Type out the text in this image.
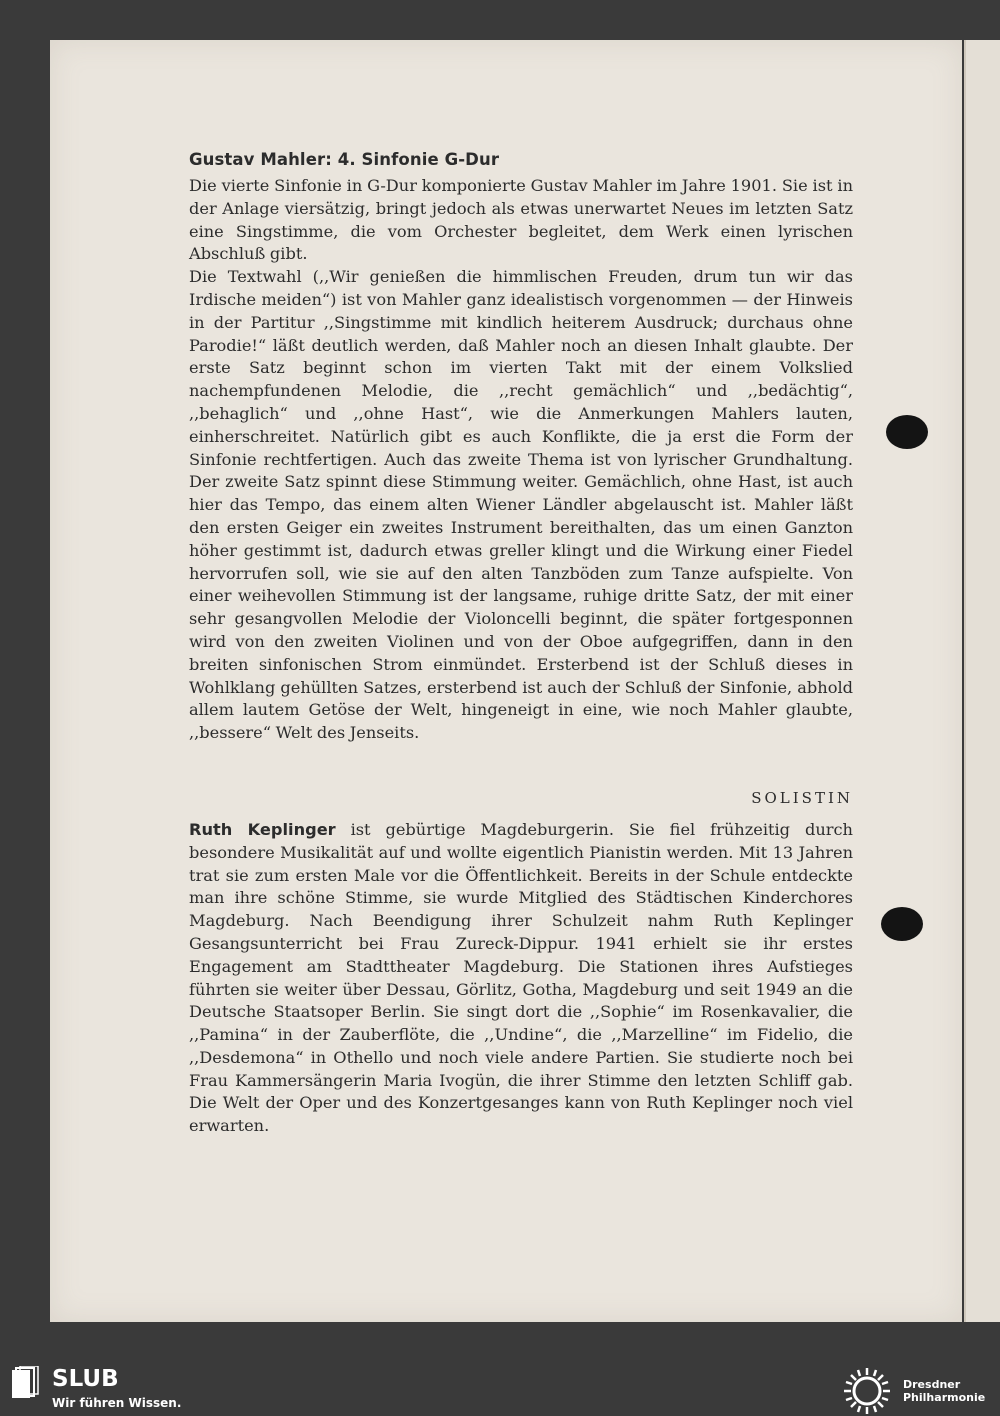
Gustav Mahler: 4. Sinfonie G-Dur

Die vierte Sinfonie in G-Dur komponierte Gustav Mahler im Jahre 1901. Sie ist in der Anlage viersätzig, bringt jedoch als etwas unerwartet Neues im letzten Satz eine Singstimme, die vom Orchester begleitet, dem Werk einen lyrischen Abschluß gibt.

Die Textwahl (,,Wir genießen die himmlischen Freuden, drum tun wir das Irdische meiden“) ist von Mahler ganz idealistisch vorgenommen — der Hinweis in der Partitur ,,Singstimme mit kindlich heiterem Ausdruck; durchaus ohne Parodie!“ läßt deutlich werden, daß Mahler noch an diesen Inhalt glaubte. Der erste Satz beginnt schon im vierten Takt mit der einem Volkslied nachempfundenen Melodie, die ,,recht gemächlich“ und ,,bedächtig“, ,,behaglich“ und ,,ohne Hast“, wie die Anmerkungen Mahlers lauten, einherschreitet. Natürlich gibt es auch Konflikte, die ja erst die Form der Sinfonie rechtfertigen. Auch das zweite Thema ist von lyrischer Grundhaltung. Der zweite Satz spinnt diese Stimmung weiter. Gemächlich, ohne Hast, ist auch hier das Tempo, das einem alten Wiener Ländler abgelauscht ist. Mahler läßt den ersten Geiger ein zweites Instrument bereithalten, das um einen Ganzton höher gestimmt ist, dadurch etwas greller klingt und die Wirkung einer Fiedel hervorrufen soll, wie sie auf den alten Tanzböden zum Tanze aufspielte. Von einer weihevollen Stimmung ist der langsame, ruhige dritte Satz, der mit einer sehr gesangvollen Melodie der Violoncelli beginnt, die später fortgesponnen wird von den zweiten Violinen und von der Oboe aufgegriffen, dann in den breiten sinfonischen Strom einmündet. Ersterbend ist der Schluß dieses in Wohlklang gehüllten Satzes, ersterbend ist auch der Schluß der Sinfonie, abhold allem lautem Getöse der Welt, hingeneigt in eine, wie noch Mahler glaubte, ,,bessere“ Welt des Jenseits.

SOLISTIN

Ruth Keplinger ist gebürtige Magdeburgerin. Sie fiel frühzeitig durch besondere Musikalität auf und wollte eigentlich Pianistin werden. Mit 13 Jahren trat sie zum ersten Male vor die Öffentlichkeit. Bereits in der Schule entdeckte man ihre schöne Stimme, sie wurde Mitglied des Städtischen Kinderchores Magdeburg. Nach Beendigung ihrer Schulzeit nahm Ruth Keplinger Gesangsunterricht bei Frau Zureck-Dippur. 1941 erhielt sie ihr erstes Engagement am Stadttheater Magdeburg. Die Stationen ihres Aufstieges führten sie weiter über Dessau, Görlitz, Gotha, Magdeburg und seit 1949 an die Deutsche Staatsoper Berlin. Sie singt dort die ,,Sophie“ im Rosenkavalier, die ,,Pamina“ in der Zauberflöte, die ,,Undine“, die ,,Marzelline“ im Fidelio, die ,,Desdemona“ in Othello und noch viele andere Partien. Sie studierte noch bei Frau Kammersängerin Maria Ivogün, die ihrer Stimme den letzten Schliff gab. Die Welt der Oper und des Konzertgesanges kann von Ruth Keplinger noch viel erwarten.

SLUB
Wir führen Wissen.
Dresdner
Philharmonie
